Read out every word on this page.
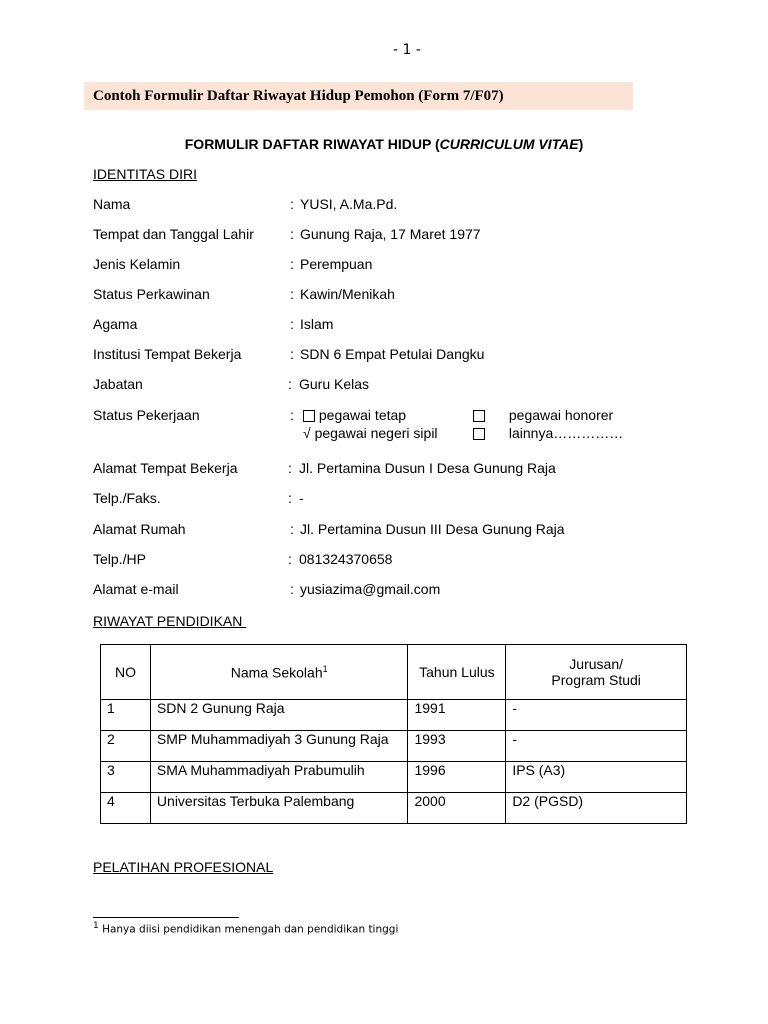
- 1 -
Contoh Formulir Daftar Riwayat Hidup Pemohon (Form 7/F07)
FORMULIR DAFTAR RIWAYAT HIDUP (CURRICULUM VITAE)
IDENTITAS DIRI
Nama	: YUSI, A.Ma.Pd.
Tempat dan Tanggal Lahir	: Gunung Raja, 17 Maret 1977
Jenis Kelamin	: Perempuan
Status Perkawinan	: Kawin/Menikah
Agama	: Islam
Institusi Tempat Bekerja	: SDN 6 Empat Petulai Dangku
Jabatan	: Guru Kelas
Status Pekerjaan	:	pegawai tetap	pegawai honorer
√ pegawai negeri sipil	lainnya……………
Alamat Tempat Bekerja	: Jl. Pertamina Dusun I Desa Gunung Raja
Telp./Faks.	: -
Alamat Rumah	: Jl. Pertamina Dusun III Desa Gunung Raja
Telp./HP	: 081324370658
Alamat e-mail	: yusiazima@gmail.com
RIWAYAT PENDIDIKAN
NO	Nama Sekolah$^1$	Tahun Lulus	Jurusan/
Program Studi

1	SDN 2 Gunung Raja	1991	-
2	SMP Muhammadiyah 3 Gunung Raja	1993	-
3	SMA Muhammadiyah Prabumulih	1996	IPS (A3)
4	Universitas Terbuka Palembang	2000	D2 (PGSD)
PELATIHAN PROFESIONAL
$^1$ Hanya diisi pendidikan menengah dan pendidikan tinggi
